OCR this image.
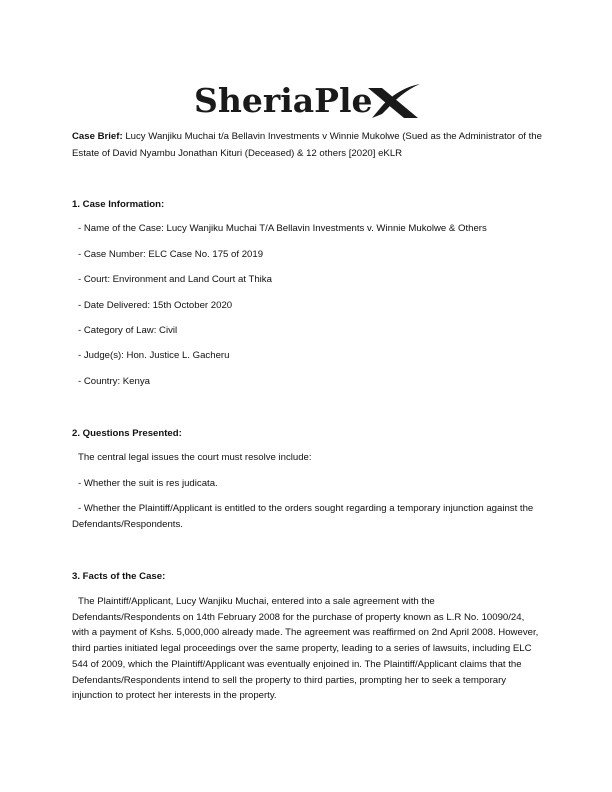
SheriaPle
Case Brief: Lucy Wanjiku Muchai t/a Bellavin Investments v Winnie Mukolwe (Sued as the Administrator of the Estate of David Nyambu Jonathan Kituri (Deceased) & 12 others [2020] eKLR
1. Case Information:
- Name of the Case: Lucy Wanjiku Muchai T/A Bellavin Investments v. Winnie Mukolwe & Others
- Case Number: ELC Case No. 175 of 2019
- Court: Environment and Land Court at Thika
- Date Delivered: 15th October 2020
- Category of Law: Civil
- Judge(s): Hon. Justice L. Gacheru
- Country: Kenya
2. Questions Presented:
The central legal issues the court must resolve include:
- Whether the suit is res judicata.
- Whether the Plaintiff/Applicant is entitled to the orders sought regarding a temporary injunction against the Defendants/Respondents.
3. Facts of the Case:
The Plaintiff/Applicant, Lucy Wanjiku Muchai, entered into a sale agreement with the Defendants/Respondents on 14th February 2008 for the purchase of property known as L.R No. 10090/24, with a payment of Kshs. 5,000,000 already made. The agreement was reaffirmed on 2nd April 2008. However, third parties initiated legal proceedings over the same property, leading to a series of lawsuits, including ELC 544 of 2009, which the Plaintiff/Applicant was eventually enjoined in. The Plaintiff/Applicant claims that the Defendants/Respondents intend to sell the property to third parties, prompting her to seek a temporary injunction to protect her interests in the property.
